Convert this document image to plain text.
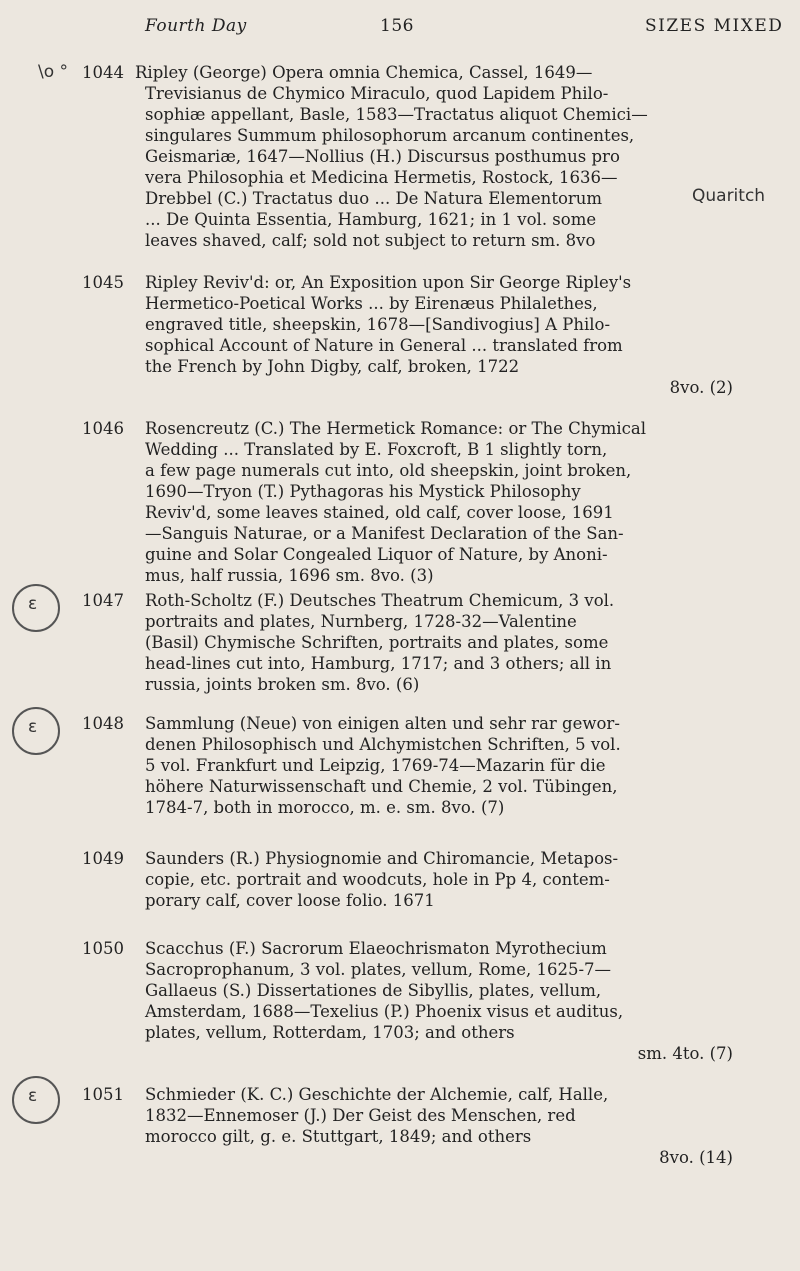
Fourth Day	156	SIZES MIXED
\o ° 1044 Ripley (George) Opera omnia Chemica, Cassel, 1649—
Trevisianus de Chymico Miraculo, quod Lapidem Philo-
sophiæ appellant, Basle, 1583—Tractatus aliquot Chemici—
singulares Summum philosophorum arcanum continentes,
Geismariæ, 1647—Nollius (H.) Discursus posthumus pro
vera Philosophia et Medicina Hermetis, Rostock, 1636—
Drebbel (C.) Tractatus duo ... De Natura Elementorum
... De Quinta Essentia, Hamburg, 1621; in 1 vol. some
leaves shaved, calf; sold not subject to return sm. 8vo
Quaritch
1045 Ripley Reviv'd: or, An Exposition upon Sir George Ripley's
Hermetico-Poetical Works ... by Eirenæus Philalethes,
engraved title, sheepskin, 1678—[Sandivogius] A Philo-
sophical Account of Nature in General ... translated from
the French by John Digby, calf, broken, 1722
8vo. (2)
1046 Rosencreutz (C.) The Hermetick Romance: or The Chymical
Wedding ... Translated by E. Foxcroft, B 1 slightly torn,
a few page numerals cut into, old sheepskin, joint broken,
1690—Tryon (T.) Pythagoras his Mystick Philosophy
Reviv'd, some leaves stained, old calf, cover loose, 1691
—Sanguis Naturae, or a Manifest Declaration of the San-
guine and Solar Congealed Liquor of Nature, by Anoni-
mus, half russia, 1696 sm. 8vo. (3)
ɛ	1047 Roth-Scholtz (F.) Deutsches Theatrum Chemicum, 3 vol.
portraits and plates, Nurnberg, 1728-32—Valentine
(Basil) Chymische Schriften, portraits and plates, some
head-lines cut into, Hamburg, 1717; and 3 others; all in
russia, joints broken sm. 8vo. (6)
ɛ	1048 Sammlung (Neue) von einigen alten und sehr rar gewor-
denen Philosophisch und Alchymistchen Schriften, 5 vol.
5 vol. Frankfurt und Leipzig, 1769-74—Mazarin für die
höhere Naturwissenschaft und Chemie, 2 vol. Tübingen,
1784-7, both in morocco, m. e. sm. 8vo. (7)
1049 Saunders (R.) Physiognomie and Chiromancie, Metapos-
copie, etc. portrait and woodcuts, hole in Pp 4, contem-
porary calf, cover loose folio. 1671
1050 Scacchus (F.) Sacrorum Elaeochrismaton Myrothecium
Sacroprophanum, 3 vol. plates, vellum, Rome, 1625-7—
Gallaeus (S.) Dissertationes de Sibyllis, plates, vellum,
Amsterdam, 1688—Texelius (P.) Phoenix visus et auditus,
plates, vellum, Rotterdam, 1703; and others
sm. 4to. (7)
ɛ	1051 Schmieder (K. C.) Geschichte der Alchemie, calf, Halle,
1832—Ennemoser (J.) Der Geist des Menschen, red
morocco gilt, g. e. Stuttgart, 1849; and others
8vo. (14)
